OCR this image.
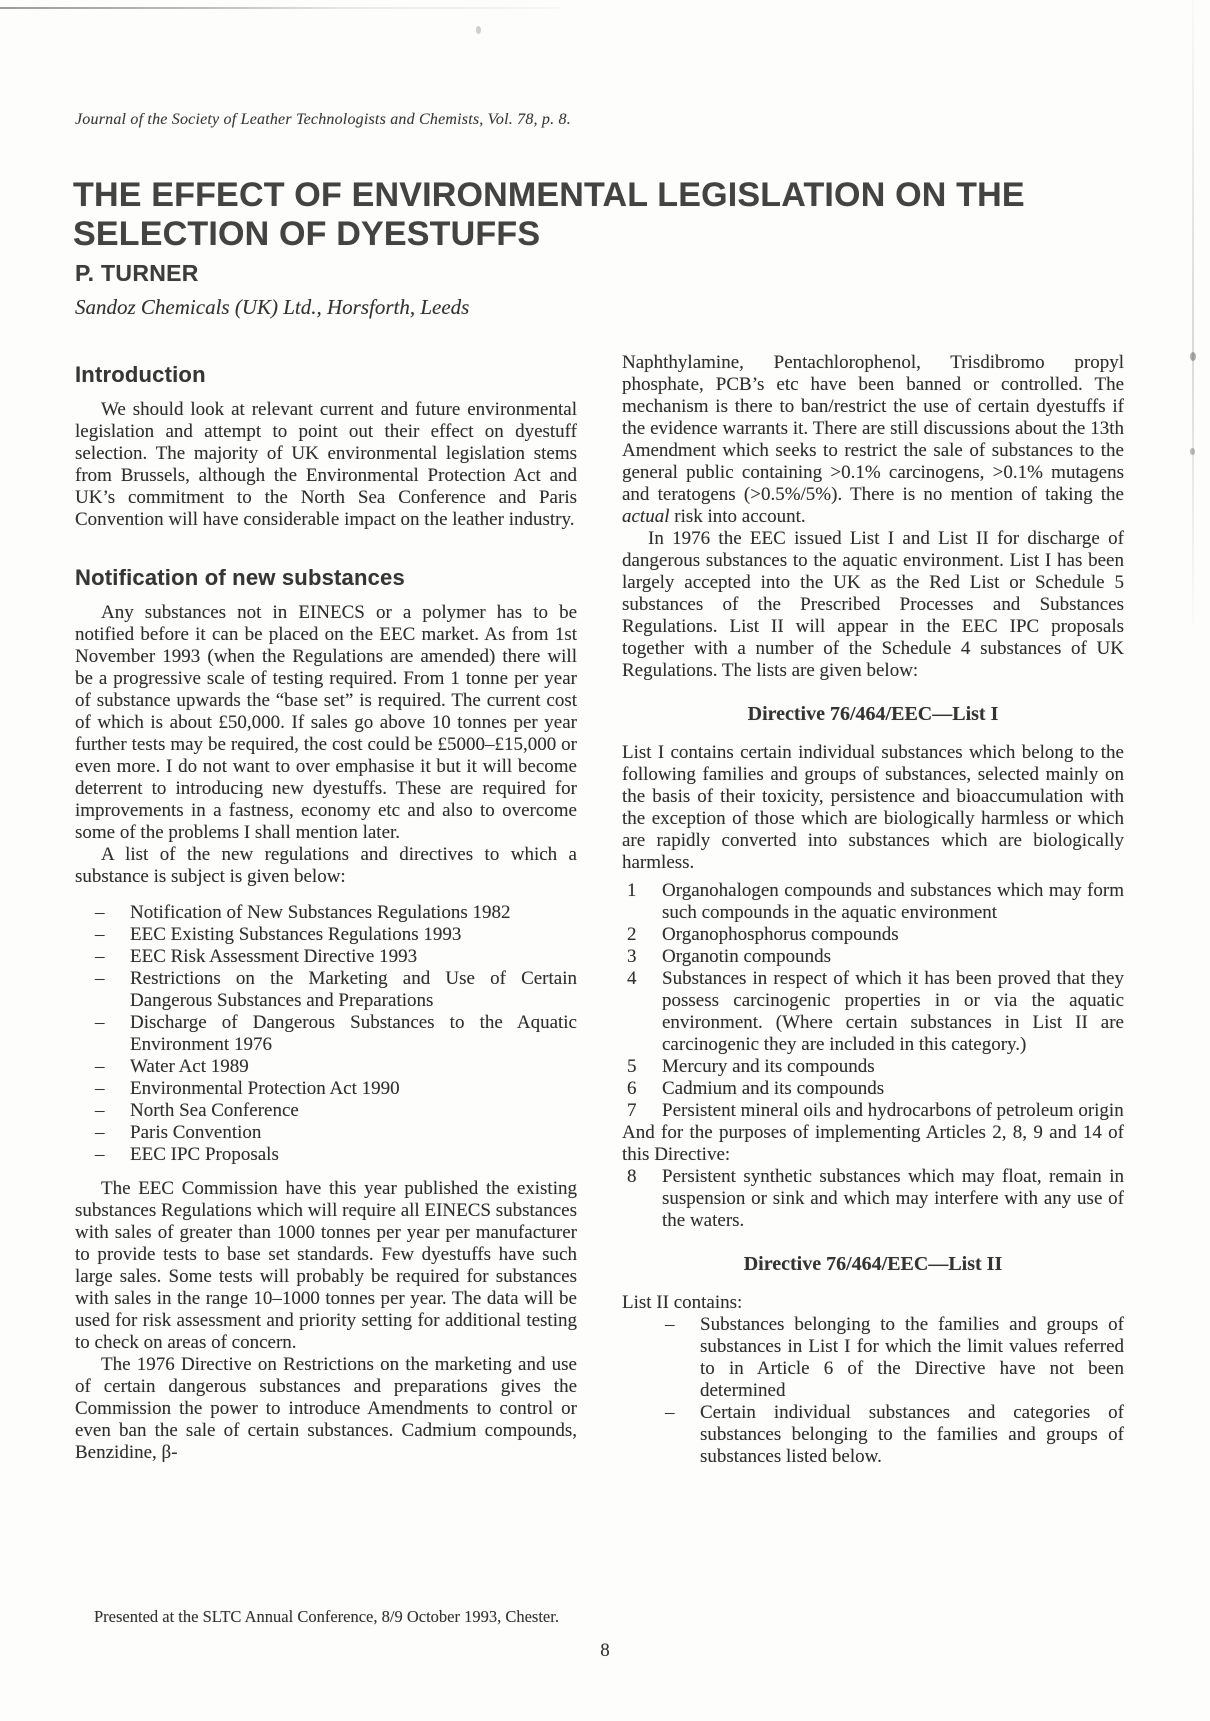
Journal of the Society of Leather Technologists and Chemists, Vol. 78, p. 8.
THE EFFECT OF ENVIRONMENTAL LEGISLATION ON THE
SELECTION OF DYESTUFFS
P. TURNER
Sandoz Chemicals (UK) Ltd., Horsforth, Leeds
Introduction

We should look at relevant current and future environmental legislation and attempt to point out their effect on dyestuff selection. The majority of UK environmental legislation stems from Brussels, although the Environmental Protection Act and UK’s commitment to the North Sea Conference and Paris Convention will have considerable impact on the leather industry.

Notification of new substances

Any substances not in EINECS or a polymer has to be notified before it can be placed on the EEC market. As from 1st November 1993 (when the Regulations are amended) there will be a progressive scale of testing required. From 1 tonne per year of substance upwards the “base set” is required. The current cost of which is about £50,000. If sales go above 10 tonnes per year further tests may be required, the cost could be £5000–£15,000 or even more. I do not want to over emphasise it but it will become deterrent to introducing new dyestuffs. These are required for improvements in a fastness, economy etc and also to overcome some of the problems I shall mention later.

A list of the new regulations and directives to which a substance is subject is given below:

– Notification of New Substances Regulations 1982
– EEC Existing Substances Regulations 1993
– EEC Risk Assessment Directive 1993
– Restrictions on the Marketing and Use of Certain Dangerous Substances and Preparations
– Discharge of Dangerous Substances to the Aquatic Environment 1976
– Water Act 1989
– Environmental Protection Act 1990
– North Sea Conference
– Paris Convention
– EEC IPC Proposals

The EEC Commission have this year published the existing substances Regulations which will require all EINECS substances with sales of greater than 1000 tonnes per year per manufacturer to provide tests to base set standards. Few dyestuffs have such large sales. Some tests will probably be required for substances with sales in the range 10–1000 tonnes per year. The data will be used for risk assessment and priority setting for additional testing to check on areas of concern.

The 1976 Directive on Restrictions on the marketing and use of certain dangerous substances and preparations gives the Commission the power to introduce Amendments to control or even ban the sale of certain substances. Cadmium compounds, Benzidine, β-

Naphthylamine, Pentachlorophenol, Trisdibromo propyl phosphate, PCB’s etc have been banned or controlled. The mechanism is there to ban/restrict the use of certain dyestuffs if the evidence warrants it. There are still discussions about the 13th Amendment which seeks to restrict the sale of substances to the general public containing >0.1% carcinogens, >0.1% mutagens and teratogens (>0.5%/5%). There is no mention of taking the actual risk into account.

In 1976 the EEC issued List I and List II for discharge of dangerous substances to the aquatic environment. List I has been largely accepted into the UK as the Red List or Schedule 5 substances of the Prescribed Processes and Substances Regulations. List II will appear in the EEC IPC proposals together with a number of the Schedule 4 substances of UK Regulations. The lists are given below:

Directive 76/464/EEC—List I

List I contains certain individual substances which belong to the following families and groups of substances, selected mainly on the basis of their toxicity, persistence and bioaccumulation with the exception of those which are biologically harmless or which are rapidly converted into substances which are biologically harmless.

1 Organohalogen compounds and substances which may form such compounds in the aquatic environment
2 Organophosphorus compounds
3 Organotin compounds
4 Substances in respect of which it has been proved that they possess carcinogenic properties in or via the aquatic environment. (Where certain substances in List II are carcinogenic they are included in this category.)
5 Mercury and its compounds
6 Cadmium and its compounds
7 Persistent mineral oils and hydrocarbons of petroleum origin

And for the purposes of implementing Articles 2, 8, 9 and 14 of this Directive:

8 Persistent synthetic substances which may float, remain in suspension or sink and which may interfere with any use of the waters.
Directive 76/464/EEC—List II

List II contains:

– Substances belonging to the families and groups of substances in List I for which the limit values referred to in Article 6 of the Directive have not been determined
– Certain individual substances and categories of substances belonging to the families and groups of substances listed below.
Presented at the SLTC Annual Conference, 8/9 October 1993, Chester.
8
